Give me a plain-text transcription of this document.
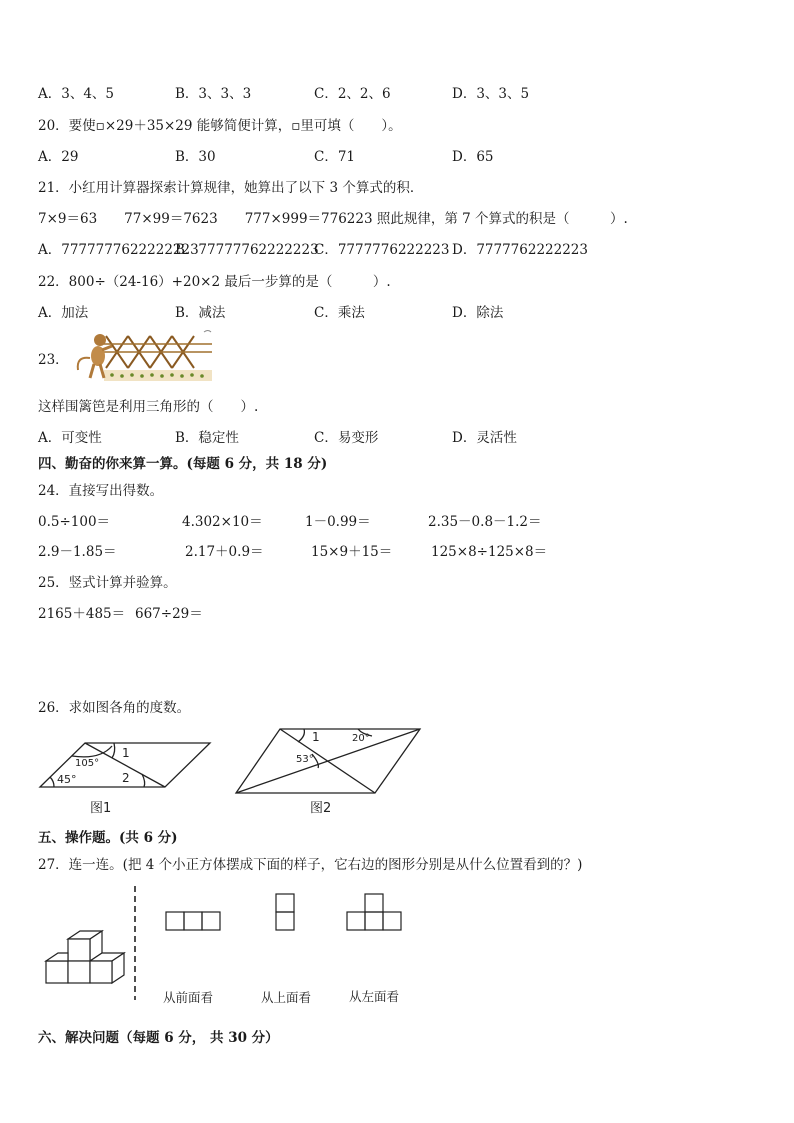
A．3、4、5	B．3、3、3	C．2、2、6	D．3、3、5
20．要使▫×29＋35×29 能够简便计算，▫里可填（　　）。
A．29	B．30	C．71	D．65
21．小红用计算器探索计算规律，她算出了以下 3 个算式的积．
7×9＝63　　77×99＝7623　　777×999＝776223 照此规律，第 7 个算式的积是（　　　）.
A．7777777622222223
B．77777762222223
C．7777776222223 D．7777762222223
22．800÷（24-16）+20×2 最后一步算的是（　　　）.
A．加法	B．减法	C．乘法	D．除法
23．
这样围篱笆是利用三角形的（　　）.
A．可变性	B．稳定性	C．易变形	D．灵活性
四、勤奋的你来算一算。(每题 6 分，共 18 分)
24．直接写出得数。
0.5÷100＝	4.302×10＝	1－0.99＝	2.35－0.8－1.2＝
2.9－1.85＝	2.17＋0.9＝	15×9＋15＝	125×8÷125×8＝
25．竖式计算并验算。
2165＋485＝ 667÷29＝
26．求如图各角的度数。
105°
45°
1
2
图1
1	20°
53°
图2
五、操作题。(共 6 分)
27．连一连。(把 4 个小正方体摆成下面的样子，它右边的图形分别是从什么位置看到的？)
从前面看	从上面看	从左面看
六、解决问题（每题 6 分， 共 30 分）
